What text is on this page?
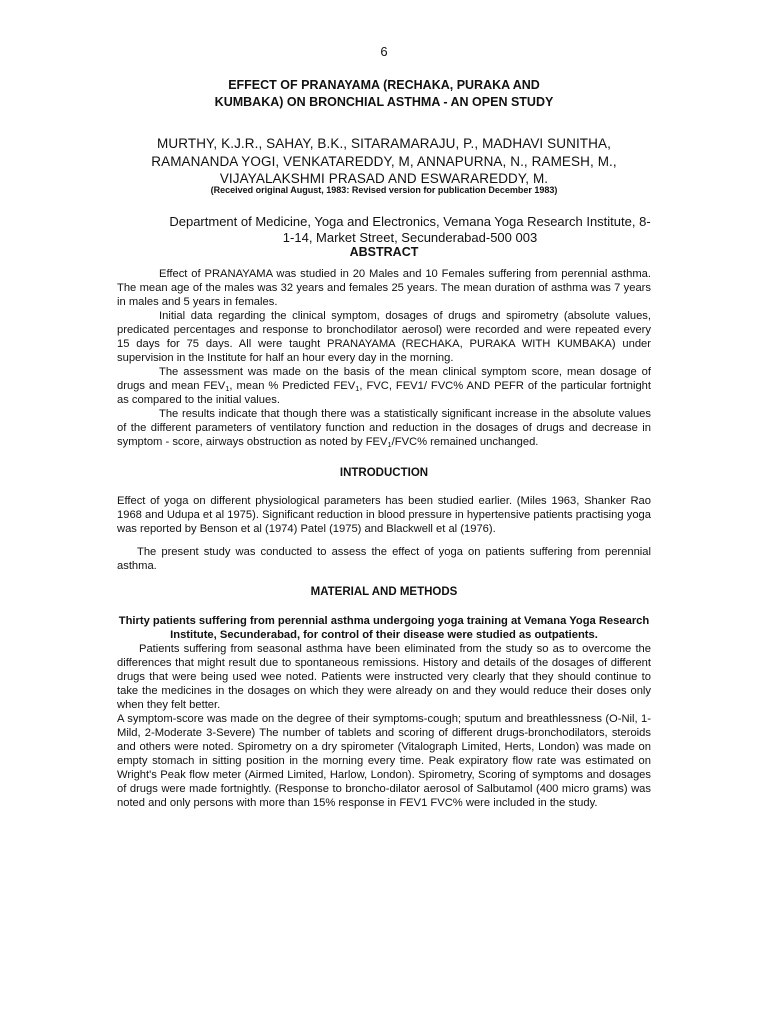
6
EFFECT OF PRANAYAMA (RECHAKA, PURAKA AND
KUMBAKA) ON BRONCHIAL ASTHMA - AN OPEN STUDY
MURTHY, K.J.R., SAHAY, B.K., SITARAMARAJU, P., MADHAVI SUNITHA,
RAMANANDA YOGI, VENKATAREDDY, M, ANNAPURNA, N., RAMESH, M.,
VIJAYALAKSHMI PRASAD AND ESWARAREDDY, M.
(Received original August, 1983: Revised version for publication December 1983)
Department of Medicine, Yoga and Electronics, Vemana Yoga Research Institute, 8-
1-14, Market Street, Secunderabad-500 003
ABSTRACT

Effect of PRANAYAMA was studied in 20 Males and 10 Females suffering from perennial asthma. The mean age of the males was 32 years and females 25 years. The mean duration of asthma was 7 years in males and 5 years in females.

Initial data regarding the clinical symptom, dosages of drugs and spirometry (absolute values, predicated percentages and response to bronchodilator aerosol) were recorded and were repeated every 15 days for 75 days. All were taught PRANAYAMA (RECHAKA, PURAKA WITH KUMBAKA) under supervision in the Institute for half an hour every day in the morning.

The assessment was made on the basis of the mean clinical symptom score, mean dosage of drugs and mean $FEV_1$, mean % Predicted $FEV_1$, FVC, FEV1/ FVC% AND PEFR of the particular fortnight as compared to the initial values.

The results indicate that though there was a statistically significant increase in the absolute values of the different parameters of ventilatory function and reduction in the dosages of drugs and decrease in symptom - score, airways obstruction as noted by $FEV_1/FVC\%$ remained unchanged.

INTRODUCTION

Effect of yoga on different physiological parameters has been studied earlier. (Miles 1963, Shanker Rao 1968 and Udupa et al 1975). Significant reduction in blood pressure in hypertensive patients practising yoga was reported by Benson et al (1974) Patel (1975) and Blackwell et al (1976).

The present study was conducted to assess the effect of yoga on patients suffering from perennial asthma.

MATERIAL AND METHODS
Thirty patients suffering from perennial asthma undergoing yoga training at Vemana Yoga Research Institute, Secunderabad, for control of their disease were studied as outpatients.

Patients suffering from seasonal asthma have been eliminated from the study so as to overcome the differences that might result due to spontaneous remissions. History and details of the dosages of different drugs that were being used wee noted. Patients were instructed very clearly that they should continue to take the medicines in the dosages on which they were already on and they would reduce their doses only when they felt better.

A symptom-score was made on the degree of their symptoms-cough; sputum and breathlessness (O-Nil, 1-Mild, 2-Moderate 3-Severe) The number of tablets and scoring of different drugs-bronchodilators, steroids and others were noted. Spirometry on a dry spirometer (Vitalograph Limited, Herts, London) was made on empty stomach in sitting position in the morning every time. Peak expiratory flow rate was estimated on Wright's Peak flow meter (Airmed Limited, Harlow, London). Spirometry, Scoring of symptoms and dosages of drugs were made fortnightly. (Response to broncho-dilator aerosol of Salbutamol (400 micro grams) was noted and only persons with more than 15% response in FEV1 FVC% were included in the study.
